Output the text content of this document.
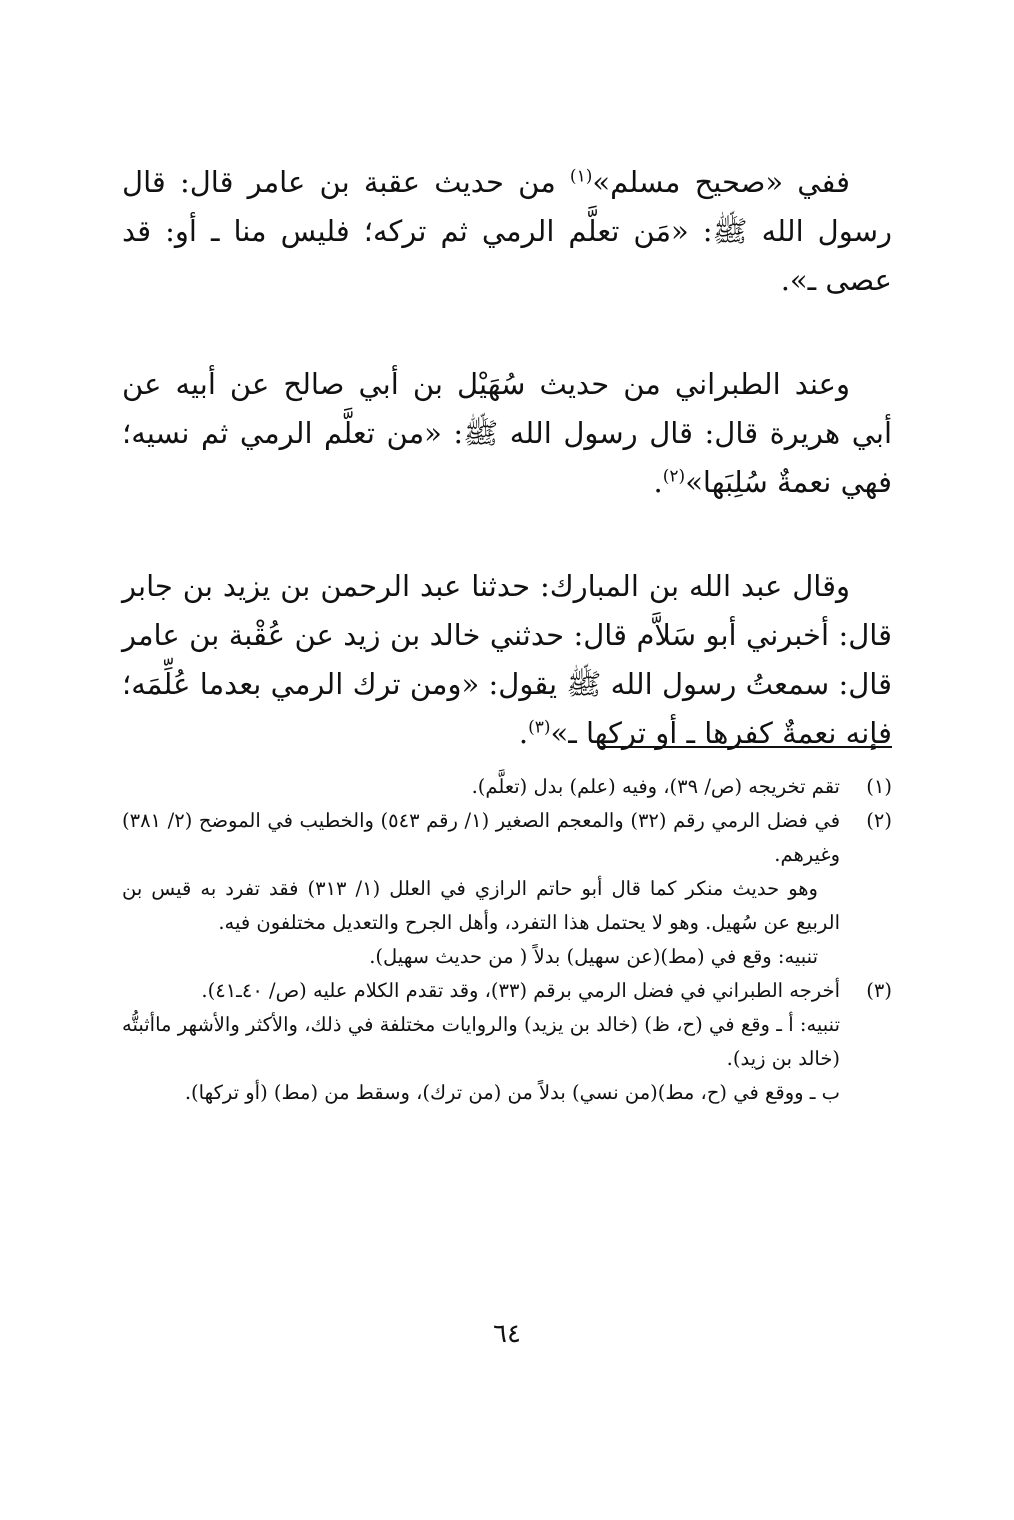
ففي «صحيح مسلم»$^{(١)}$ من حديث عقبة بن عامر قال: قال رسول الله ﷺ: «مَن تعلَّم الرمي ثم تركه؛ فليس منا ـ أو: قد عصى ـ».

وعند الطبراني من حديث سُهَيْل بن أبي صالح عن أبيه عن أبي هريرة قال: قال رسول الله ﷺ: «من تعلَّم الرمي ثم نسيه؛ فهي نعمةٌ سُلِبَها»$^{(٢)}$.

وقال عبد الله بن المبارك: حدثنا عبد الرحمن بن يزيد بن جابر قال: أخبرني أبو سَلاَّم قال: حدثني خالد بن زيد عن عُقْبة بن عامر قال: سمعتُ رسول الله ﷺ يقول: «ومن ترك الرمي بعدما عُلِّمَه؛ فإنه نعمةٌ كفرها ـ أو تركها ـ»$^{(٣)}$.

(١)
تقم تخريجه (ص/ ٣٩)، وفيه (علم) بدل (تعلَّم).
(٢)
في فضل الرمي رقم (٣٢) والمعجم الصغير (١/ رقم ٥٤٣) والخطيب في الموضح (٢/ ٣٨١) وغيرهم.

وهو حديث منكر كما قال أبو حاتم الرازي في العلل (١/ ٣١٣) فقد تفرد به قيس بن الربيع عن سُهيل. وهو لا يحتمل هذا التفرد، وأهل الجرح والتعديل مختلفون فيه.

تنبيه: وقع في (مط)(عن سهيل) بدلاً ( من حديث سهيل).

(٣)
أخرجه الطبراني في فضل الرمي برقم (٣٣)، وقد تقدم الكلام عليه (ص/ ٤٠ـ٤١).

تنبيه: أ ـ وقع في (ح، ظ) (خالد بن يزيد) والروايات مختلفة في ذلك، والأكثر والأشهر ماأثبتُّه (خالد بن زيد).

ب ـ ووقع في (ح، مط)(من نسي) بدلاً من (من ترك)، وسقط من (مط) (أو تركها).

٦٤
